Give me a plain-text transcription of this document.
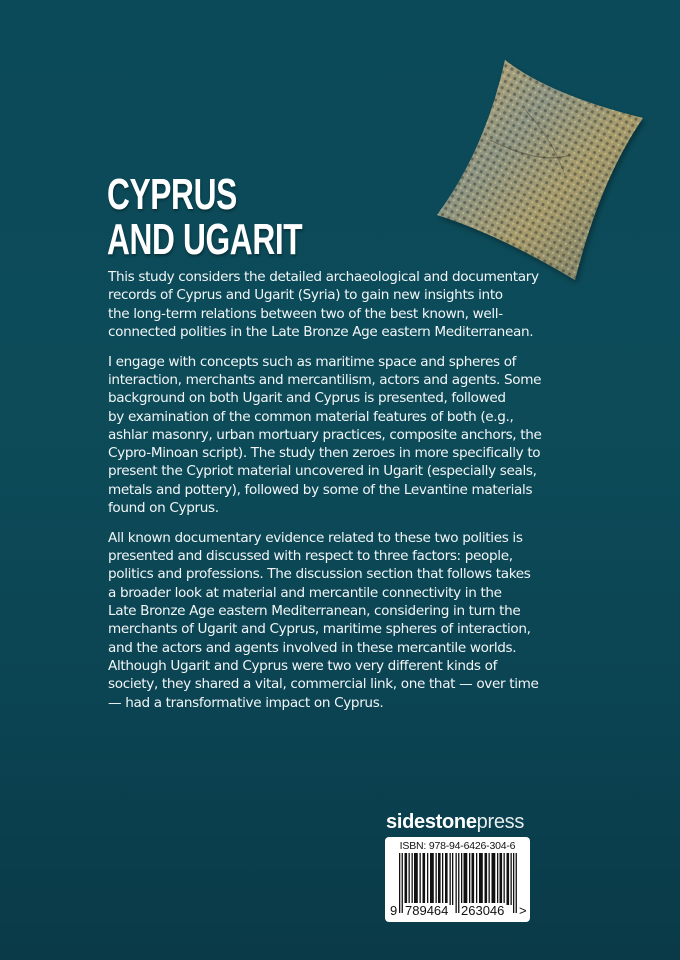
CYPRUS
AND UGARIT

This study considers the detailed archaeological and documentary
records of Cyprus and Ugarit (Syria) to gain new insights into
the long-term relations between two of the best known, well-
connected polities in the Late Bronze Age eastern Mediterranean.

I engage with concepts such as maritime space and spheres of
interaction, merchants and mercantilism, actors and agents. Some
background on both Ugarit and Cyprus is presented, followed
by examination of the common material features of both (e.g.,
ashlar masonry, urban mortuary practices, composite anchors, the
Cypro-Minoan script). The study then zeroes in more specifically to
present the Cypriot material uncovered in Ugarit (especially seals,
metals and pottery), followed by some of the Levantine materials
found on Cyprus.

All known documentary evidence related to these two polities is
presented and discussed with respect to three factors: people,
politics and professions. The discussion section that follows takes
a broader look at material and mercantile connectivity in the
Late Bronze Age eastern Mediterranean, considering in turn the
merchants of Ugarit and Cyprus, maritime spheres of interaction,
and the actors and agents involved in these mercantile worlds.
Although Ugarit and Cyprus were two very different kinds of
society, they shared a vital, commercial link, one that — over time
— had a transformative impact on Cyprus.

sidestonepress
ISBN: 978-94-6426-304-6
9 789464 263046 >
